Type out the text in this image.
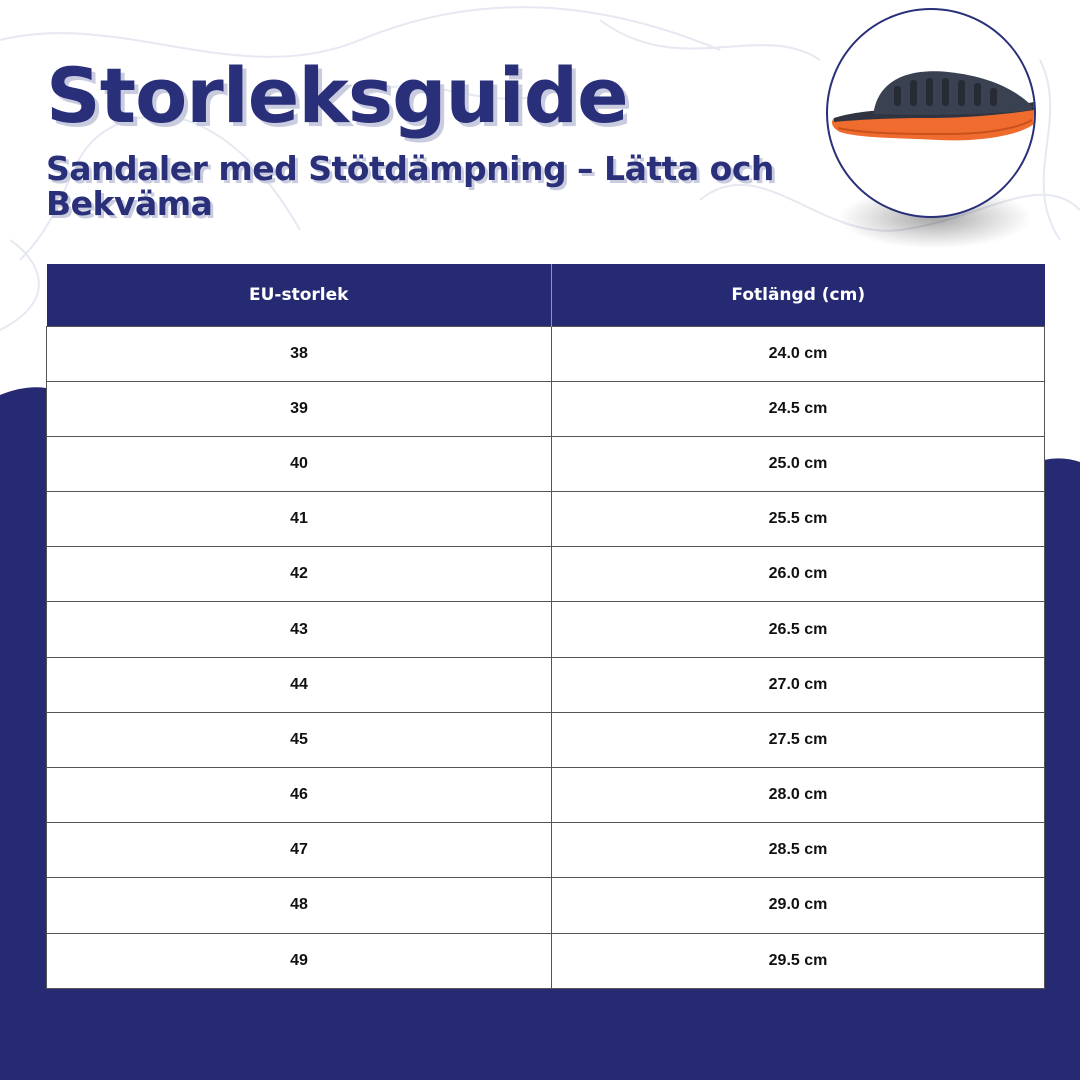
Storleksguide
Sandaler med Stötdämpning – Lätta och Bekväma
EU-storlek	Fotlängd (cm)
38	24.0 cm
39	24.5 cm
40	25.0 cm
41	25.5 cm
42	26.0 cm
43	26.5 cm
44	27.0 cm
45	27.5 cm
46	28.0 cm
47	28.5 cm
48	29.0 cm
49	29.5 cm
